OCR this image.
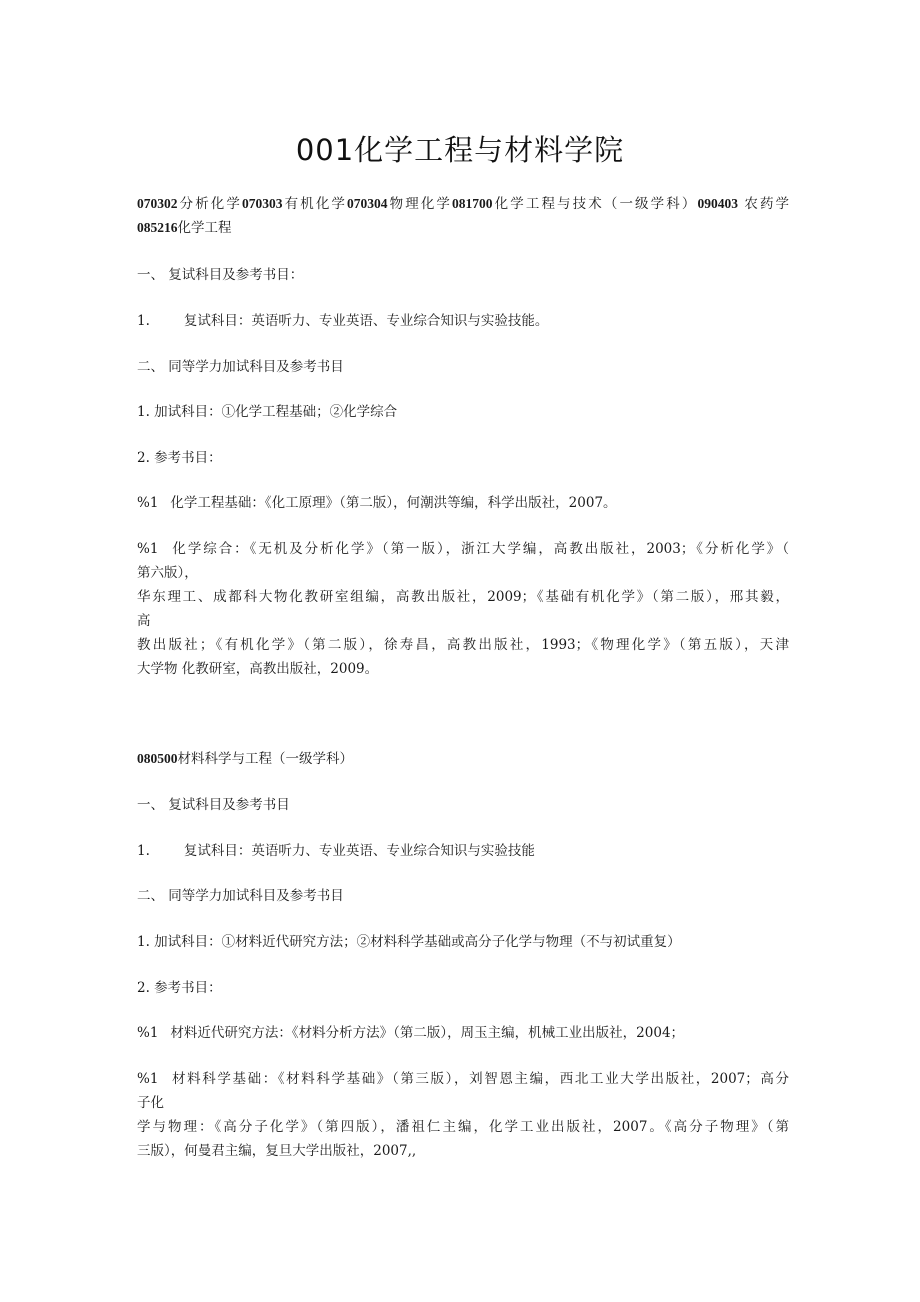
001化学工程与材料学院
070302分析化学070303有机化学070304物理化学081700化学工程与技术（一级学科）090403 农药学
085216化学工程
一、 复试科目及参考书目：
1.	复试科目：英语听力、专业英语、专业综合知识与实验技能。
二、 同等学力加试科目及参考书目
1. 加试科目：①化学工程基础；②化学综合
2. 参考书目：
%1 化学工程基础：《化工原理》（第二版），何潮洪等编，科学出版社，2007。
%1 化学综合：《无机及分析化学》（第一版），浙江大学编，高教出版社，2003；《分析化学》（
第六版），
华东理工、成都科大物化教研室组编，高教出版社，2009；《基础有机化学》（第二版），邢其毅，
高
教出版社；《有机化学》（第二版），徐寿昌，高教出版社，1993；《物理化学》（第五版），天津
大学物 化教研室，高教出版社，2009。
080500材料科学与工程（一级学科）
一、 复试科目及参考书目
1.	复试科目：英语听力、专业英语、专业综合知识与实验技能
二、 同等学力加试科目及参考书目
1. 加试科目：①材料近代研究方法；②材料科学基础或高分子化学与物理（不与初试重复）
2. 参考书目：
%1 材料近代研究方法：《材料分析方法》（第二版），周玉主编，机械工业出版社，2004；
%1 材料科学基础：《材料科学基础》（第三版），刘智恩主编，西北工业大学出版社，2007；高分
子化
学与物理：《高分子化学》（第四版），潘祖仁主编，化学工业出版社，2007。《高分子物理》（第
三版），何曼君主编，复旦大学出版社，2007,,
